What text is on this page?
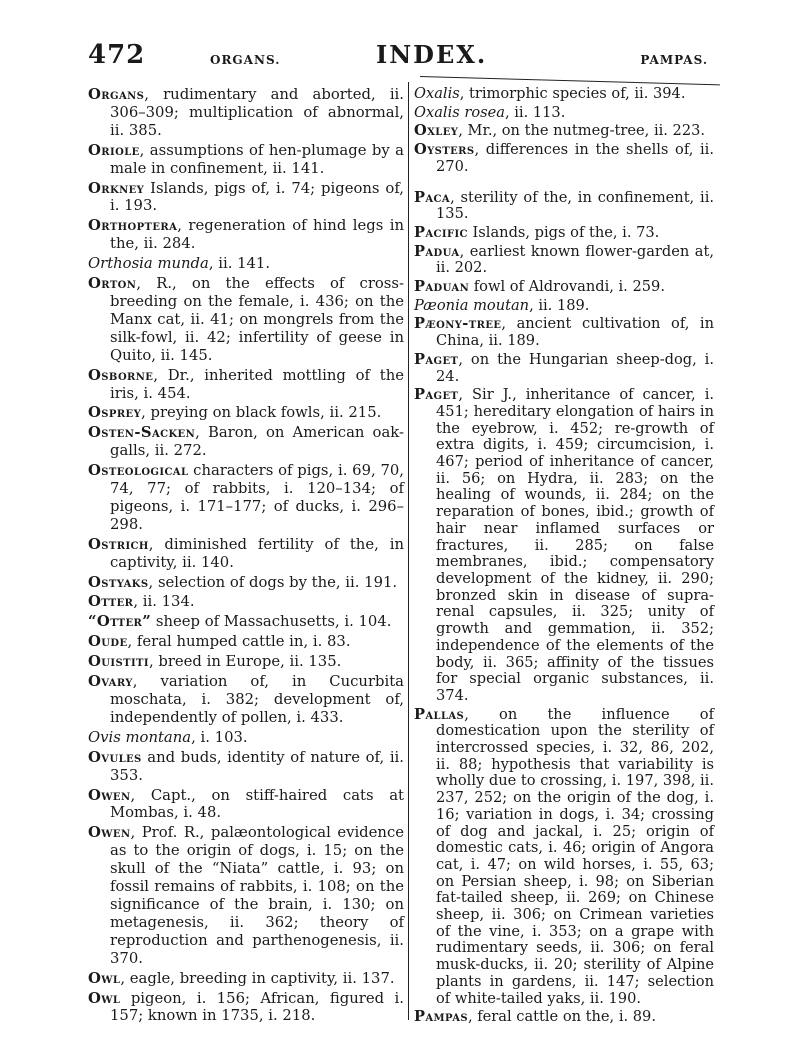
472	ORGANS.	INDEX.	PAMPAS.

Organs, rudimentary and aborted, ii. 306–309; multiplication of abnormal, ii. 385.

Oriole, assumptions of hen-plumage by a male in confinement, ii. 141.

Orkney Islands, pigs of, i. 74; pigeons of, i. 193.

Orthoptera, regeneration of hind legs in the, ii. 284.

Orthosia munda, ii. 141.

Orton, R., on the effects of cross-breeding on the female, i. 436; on the Manx cat, ii. 41; on mongrels from the silk-fowl, ii. 42; infertility of geese in Quito, ii. 145.

Osborne, Dr., inherited mottling of the iris, i. 454.

Osprey, preying on black fowls, ii. 215.

Osten-Sacken, Baron, on American oak-galls, ii. 272.

Osteological characters of pigs, i. 69, 70, 74, 77; of rabbits, i. 120–134; of pigeons, i. 171–177; of ducks, i. 296–298.

Ostrich, diminished fertility of the, in captivity, ii. 140.

Ostyaks, selection of dogs by the, ii. 191.

Otter, ii. 134.

“Otter” sheep of Massachusetts, i. 104.

Oude, feral humped cattle in, i. 83.

Ouistiti, breed in Europe, ii. 135.

Ovary, variation of, in Cucurbita moschata, i. 382; development of, independently of pollen, i. 433.

Ovis montana, i. 103.

Ovules and buds, identity of nature of, ii. 353.

Owen, Capt., on stiff-haired cats at Mombas, i. 48.

Owen, Prof. R., palæontological evidence as to the origin of dogs, i. 15; on the skull of the “Niata” cattle, i. 93; on fossil remains of rabbits, i. 108; on the significance of the brain, i. 130; on metagenesis, ii. 362; theory of reproduction and parthenogenesis, ii. 370.

Owl, eagle, breeding in captivity, ii. 137.

Owl pigeon, i. 156; African, figured i. 157; known in 1735, i. 218.

Oxalis, trimorphic species of, ii. 394.

Oxalis rosea, ii. 113.

Oxley, Mr., on the nutmeg-tree, ii. 223.

Oysters, differences in the shells of, ii. 270.

Paca, sterility of the, in confinement, ii. 135.

Pacific Islands, pigs of the, i. 73.

Padua, earliest known flower-garden at, ii. 202.

Paduan fowl of Aldrovandi, i. 259.

Pæonia moutan, ii. 189.

Pæony-tree, ancient cultivation of, in China, ii. 189.

Paget, on the Hungarian sheep-dog, i. 24.

Paget, Sir J., inheritance of cancer, i. 451; hereditary elongation of hairs in the eyebrow, i. 452; re-growth of extra digits, i. 459; circumcision, i. 467; period of inheritance of cancer, ii. 56; on Hydra, ii. 283; on the healing of wounds, ii. 284; on the reparation of bones, ibid.; growth of hair near inflamed surfaces or fractures, ii. 285; on false membranes, ibid.; compensatory development of the kidney, ii. 290; bronzed skin in disease of supra-renal capsules, ii. 325; unity of growth and gemmation, ii. 352; independence of the elements of the body, ii. 365; affinity of the tissues for special organic substances, ii. 374.

Pallas, on the influence of domestication upon the sterility of intercrossed species, i. 32, 86, 202, ii. 88; hypothesis that variability is wholly due to crossing, i. 197, 398, ii. 237, 252; on the origin of the dog, i. 16; variation in dogs, i. 34; crossing of dog and jackal, i. 25; origin of domestic cats, i. 46; origin of Angora cat, i. 47; on wild horses, i. 55, 63; on Persian sheep, i. 98; on Siberian fat-tailed sheep, ii. 269; on Chinese sheep, ii. 306; on Crimean varieties of the vine, i. 353; on a grape with rudimentary seeds, ii. 306; on feral musk-ducks, ii. 20; sterility of Alpine plants in gardens, ii. 147; selection of white-tailed yaks, ii. 190.

Pampas, feral cattle on the, i. 89.
